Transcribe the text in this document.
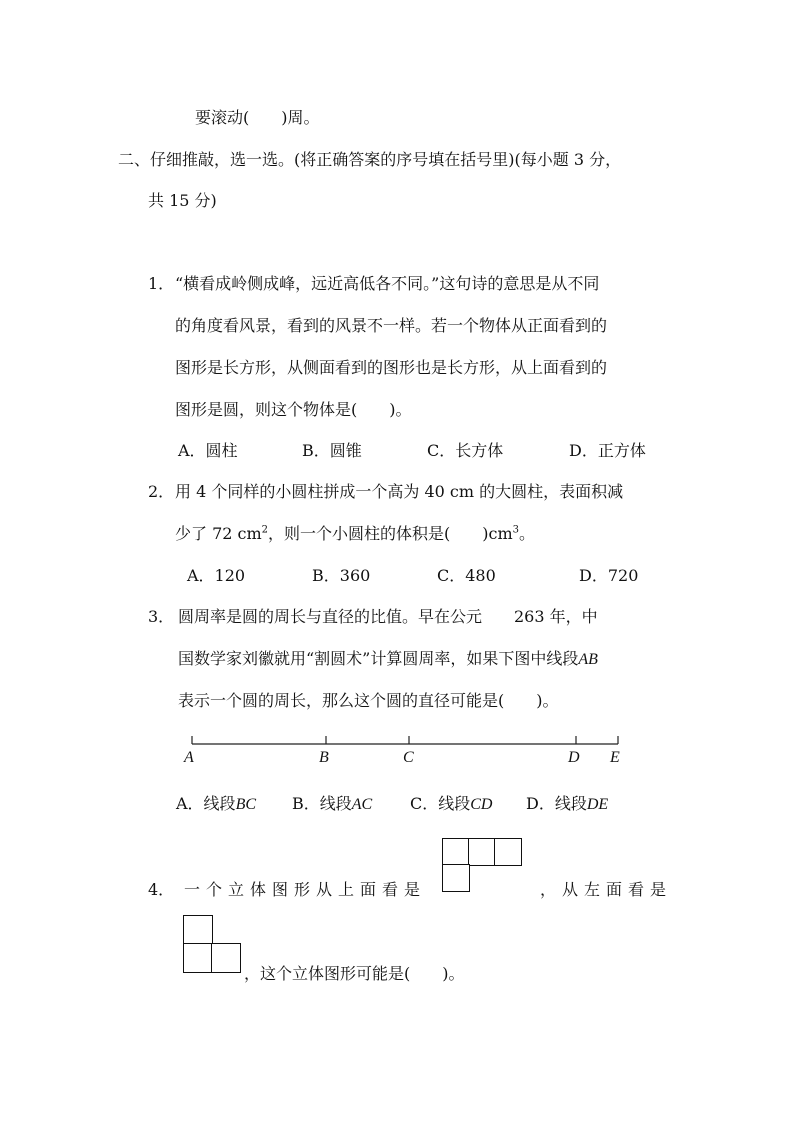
要滚动(　　)周。
二、仔细推敲，选一选。(将正确答案的序号填在括号里)(每小题 3 分，
共 15 分)
1． “横看成岭侧成峰，远近高低各不同。”这句诗的意思是从不同
的角度看风景，看到的风景不一样。若一个物体从正面看到的
图形是长方形，从侧面看到的图形也是长方形，从上面看到的
图形是圆，则这个物体是(　　)。
A．圆柱	B．圆锥	C．长方体	D．正方体
2． 用 4 个同样的小圆柱拼成一个高为 40 cm 的大圆柱，表面积减
少了 72 $cm^2$，则一个小圆柱的体积是(　　)$cm^3$。
A．120	B．360	C．480	D．720
3． 圆周率是圆的周长与直径的比值。早在公元　　263 年，中
国数学家刘徽就用“割圆术”计算圆周率，如果下图中线段AB
表示一个圆的周长，那么这个圆的直径可能是(　　)。
A	B	C	D E
A．线段BC B．线段AC C．线段CD D．线段DE
4． 一个立体图形从上面看是	，从左面看是
，这个立体图形可能是(　　)。
